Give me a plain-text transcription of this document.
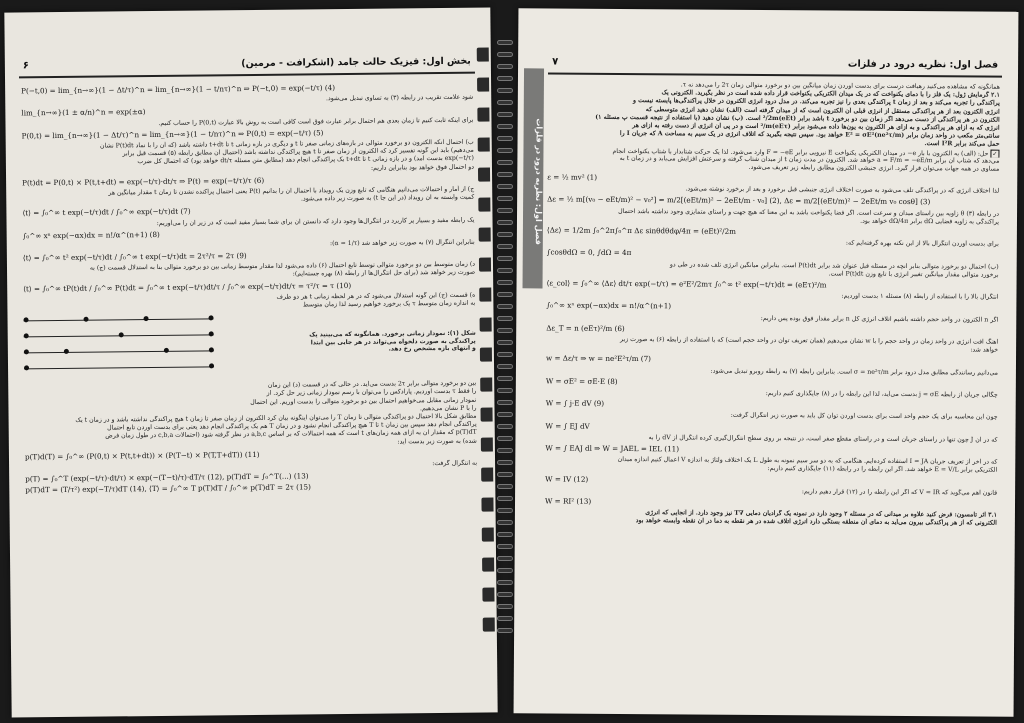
بخش اول: فیزیک حالت جامد (اشکرافت - مرمین)
۶
P(−t,0) = lim_{n→∞}(1 − Δt/τ)^n = lim_{n→∞}(1 − t/nτ)^n ⇒ P(−t,0) = exp(−t/τ) (4)
شود علامت تقریب در رابطه (۳) به تساوی تبدیل می‌شود.
lim_{n→∞}(1 ± α/n)^n = exp(±α)
برای اینکه ثابت کنیم تا زمان بعدی هم احتمال برابر عبارت فوق است کافی است به روش بالا عبارت P(0,t) را حساب کنیم.
P(0,t) = lim_{n→∞}(1 − Δt/τ)^n = lim_{n→∞}(1 − t/nτ)^n ⇒ P(0,t) = exp(−t/τ) (5)
ب) احتمال آنکه الکترون دو برخورد متوالی در بازه‌های زمانی صفر تا t و دیگری در بازه زمانی t تا t+dt داشته باشد (که آن را با نماد P(t)dt نشان
می‌دهیم) باید این گونه تفسیر کرد که الکترون از زمان صفر تا t هیچ پراکندگی نداشته باشد (احتمال آن مطابق رابطه (۵) قسمت قبل برابر
exp(−t/τ) بدست آمد) و در بازه زمانی t تا t+dt یک پراکندگی انجام دهد (مطابق متن مسئله dt/τ خواهد بود) که احتمال کل ضرب
دو احتمال فوق خواهد بود بنابراین داریم:
P(t)dt = P(0,t) × P(t,t+dt) = exp(−t/τ)·dt/τ ⇒ P(t) = exp(−t/τ)/τ (6)
ج) از آمار و احتمالات می‌دانیم هنگامی که تابع وزن یک رویداد با احتمال آن را بدانیم P(t) یعنی احتمال پراکنده نشدن تا زمان t مقدار میانگین هر
کمیت وابسته به آن رویداد (در این جا t) به صورت زیر داده می‌شود.
⟨t⟩ = ∫₀^∞ t exp(−t/τ)dt / ∫₀^∞ exp(−t/τ)dt (7)
یک رابطه مفید و بسیار پر کاربرد در انتگرال‌ها وجود دارد که دانستن آن برای شما بسیار مفید است که در زیر آن را می‌آوریم:
∫₀^∞ xⁿ exp(−αx)dx = n!/α^(n+1) (8)
بنابراین انتگرال (۷) به صورت زیر خواهد شد (α = 1/τ):
⟨t⟩ = ∫₀^∞ t² exp(−t/τ)dt / ∫₀^∞ t exp(−t/τ)dt = 2τ²/τ = 2τ (9)
د) زمان متوسط بین دو برخورد متوالی توسط تابع احتمال (۶) داده می‌شود لذا مقدار متوسط زمانی بین دو برخورد متوالی بنا به استدلال قسمت (ج) به
صورت زیر خواهد شد (برای حل انتگرال‌ها از رابطه (۸) بهره جسته‌ایم):
⟨t⟩ = ∫₀^∞ tP(t)dt / ∫₀^∞ P(t)dt = ∫₀^∞ t exp(−t/τ)dt/τ / ∫₀^∞ exp(−t/τ)dt/τ = τ²/τ = τ (10)
ه) قسمت (ج) این گونه استدلال می‌شود که در هر لحظه زمانی t هر دو طرف
به اندازه زمان متوسط τ یک برخورد خواهیم رسید لذا زمان متوسط
شکل (۱): نمودار زمانی برخورد. همانگونه که می‌بینید یک پراکندگی به صورت دلخواه می‌تواند در هر جایی بین ابتدا و انتهای بازه مشخص رخ دهد.
بین دو برخورد متوالی برابر 2τ بدست می‌آید. در حالی که در قسمت (د) این زمان
را فقط τ بدست آوردیم. پارادکس را می‌توان با رسم نمودار زمانی زیر حل کرد. از
نمودار زمانی مقابل می‌خواهیم احتمال بین دو برخورد متوالی را بدست آوریم. این احتمال
را با P نشان می‌دهیم.
مطابق شکل بالا احتمال دو پراکندگی متوالی تا زمان T را می‌توان اینگونه بیان کرد الکترون از زمان صفر تا زمان t هیچ پراکندگی نداشته باشد و در زمان t یک
پراکندگی انجام دهد سپس بین زمان t تا T هیچ پراکندگی انجام نشود و در زمان T هم یک پراکندگی انجام دهد یعنی برای بدست آوردن تابع احتمال
p(T)dT که مقدار آن به ازای همه زمان‌های t است که همه احتمالات که بر اساس a,b,c در نظر گرفته شود (احتمالات c,b,a در طول زمان فرض
شده) به صورت زیر بدست آید:
p(T)d(T) = ∫₀^∞ (P(0,t) × P(t,t+dt)) × (P(T−t) × P(T,T+dT)) (11)
به انتگرال گرفت:
p(T) = ∫₀^T (exp(−t/τ)·dt/τ) × exp(−(T−t)/τ)·dT/τ (12), p(T)dT = ∫₀^T(...) (13)
p(T)dT = (T/τ²) exp(−T/τ)dT (14), ⟨T⟩ = ∫₀^∞ T p(T)dT / ∫₀^∞ p(T)dT = 2τ (15)
فصل اول: نظریه درود در فلزات
۷
فصل اول: نظریه درود در فلزات
همانگونه که مشاهده می‌کنید رهیافت درست برای بدست آوردن زمان میانگین بین دو برخورد متوالی زمان 2τ را می‌دهد نه τ.
۲.۱ گرمایش ژول: یک فلز را با دمای یکنواخت که در یک میدان الکتریکی یکنواخت قرار داده شده است در نظر بگیرید. الکترونی یک
پراکندگی را تجربه می‌کند و بعد از زمان t پراکندگی بعدی را نیز تجربه می‌کند. در مدل درود انرژی الکترون در خلال پراکندگی‌ها پایسته نیست و
انرژی الکترون بعد از هر پراکندگی مستقل از انرژی قبلی آن الکترون است که از میدان گرفته است (الف) نشان دهید انرژی متوسطی که
الکترون در هر پراکندگی از دست می‌دهد اگر زمان بین دو برخورد t باشد برابر (eEt)²/2m است. (ب) نشان دهید (با استفاده از نتیجه قسمت پ مسئله ۱)
انرژی که به ازای هر پراکندگی و به ازای هر الکترون به یون‌ها داده می‌شود برابر (eEτ)²/m است و در پی آن انرژی از دست رفته به ازای هر
سانتی‌متر مکعب در واحد زمان برابر (ne²τ/m)E² = σE² خواهد بود. سپس نتیجه بگیرید که اتلاف انرژی در یک سیم به مساحت A که جریان I را
حمل می‌کند برابر I²R است.
✓حل: (الف) به الکترون با بار e− در میدان الکتریکی یکنواخت E نیرویی برابر F = −eE وارد می‌شود. لذا یک حرکت شتابدار با شتاب یکنواخت انجام
می‌دهد که شتاب آن برابر a = F/m = −eE/m خواهد شد. الکترون در مدت زمان t از میدان شتاب گرفته و سرعتش افزایش می‌یابد و در زمان t به
مساوی در همه جهات می‌توان قرار گیرد. انرژی جنبشی الکترون مطابق رابطه زیر تعریف می‌شود.
ε = ½ mv² (1)
لذا اختلاف انرژی که در پراکندگی تلف می‌شود به صورت اختلاف انرژی جنبشی قبل برخورد و بعد از برخورد نوشته می‌شود.
Δε = ½ m[(v₀ − eEt/m)² − v₀²] = m/2[(eEt/m)² − 2eEt/m · v₀] (2), Δε = m/2[(eEt/m)² − 2eEt/m v₀ cosθ] (3)
در رابطه (۳) θ زاویه بین راستای میدان و سرعت است. اگر فضا یکنواخت باشد به این معنا که هیچ جهت و راستای متمایزی وجود نداشته باشد احتمال
پراکندگی به زاویه فضایی dΩ برابر dΩ/4π خواهد بود.
⟨Δε⟩ = 1/2m ∫₀^2π∫₀^π Δε sinθdθdφ/4π = (eEt)²/2m
برای بدست آوردن انتگرال بالا از این نکته بهره گرفته‌ایم که:
∫cosθdΩ = 0, ∫dΩ = 4π
(ب) احتمال دو برخورد متوالی بنابر آنچه در مسئله قبل عنوان شد برابر P(t)dt است. بنابراین میانگین انرژی تلف شده در طی دو
برخورد متوالی مقدار میانگین تغییر انرژی با تابع وزن P(t)dt است.
⟨ε_col⟩ = ∫₀^∞ ⟨Δε⟩ dt/τ exp(−t/τ) = e²E²/2mτ ∫₀^∞ t² exp(−t/τ)dt = (eEτ)²/m
انتگرال بالا را با استفاده از رابطه (۸) مسئله ۱ بدست آوردیم:
∫₀^∞ xⁿ exp(−αx)dx = n!/α^(n+1)
اگر n الکترون در واحد حجم داشته باشیم اتلاف انرژی کل n برابر مقدار فوق بوده پس داریم:
Δε_T = n (eEτ)²/m (6)
آهنگ افت انرژی در واحد زمان در واحد حجم را با w نشان می‌دهیم (همان تعریف توان در واحد حجم است) که با استفاده از رابطه (۶) به صورت زیر
خواهد شد:
w = Δε/τ ⇒ w = ne²E²τ/m (7)
می‌دانیم رسانندگی مطابق مدل درود برابر σ = ne²τ/m است. بنابراین رابطه (۷) به رابطه روبرو تبدیل می‌شود:
W = σE² = σE·E (8)
چگالی جریان از رابطه j = σE بدست می‌آید، لذا این رابطه را در (۸) جایگذاری کنیم داریم:
W = ∫ j·E dV (9)
چون این محاسبه برای یک حجم واحد است برای بدست آوردن توان کل باید به صورت زیر انتگرال گرفت:
W = ∫ EJ dV
که در آن J چون تنها در راستای جریان است و در راستای مقطع صفر است، در نتیجه بر روی سطح انتگرال‌گیری کرده انتگرال از dV را به
W = ∫ EAJ dl ⇒ W = JAEL = IEL (11)
که در آخر از تعریف جریان I = JA استفاده کرده‌ایم. هنگامی که به دو سر سیم نمونه به طول L یک اختلاف ولتاژ به اندازه V اعمال کنیم اندازه میدان
الکتریکی برابر E = V/L خواهد شد. اگر این رابطه را در رابطه (۱۱) جایگذاری کنیم داریم:
W = IV (12)
قانون اهم می‌گوید که V = IR که اگر این رابطه را در (۱۲) قرار دهیم داریم:
W = RI² (13)
۳.۱ اثر تامسون: فرض کنید علاوه بر میدانی که در مسئله ۲ وجود دارد در نمونه یک گرادیان دمایی ∇T نیز وجود دارد. از آنجایی که انرژی
الکترونی که از هر پراکندگی بیرون می‌آید به دمای آن منطقه بستگی دارد انرژی اتلاف شده در هر نقطه به دما در آن نقطه وابسته خواهد بود
